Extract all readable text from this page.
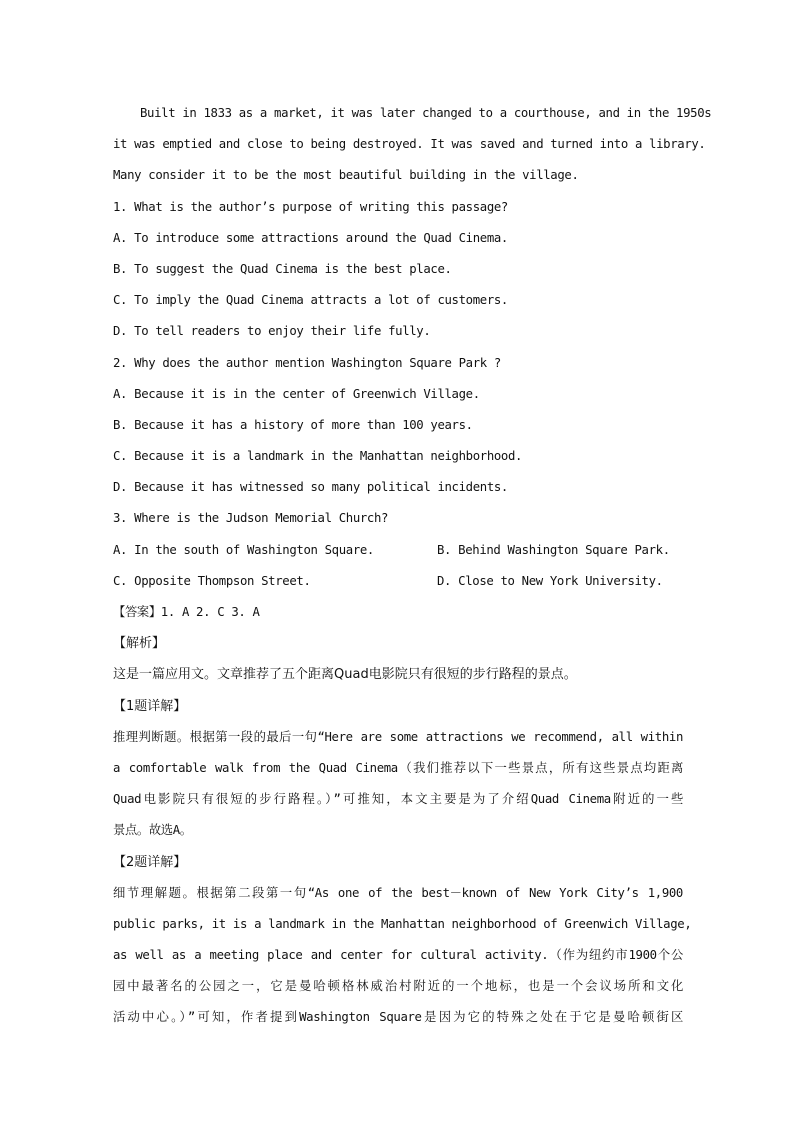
Built in 1833 as a market, it was later changed to a courthouse, and in the 1950s
it was emptied and close to being destroyed. It was saved and turned into a library.
Many consider it to be the most beautiful building in the village.
1. What is the author’s purpose of writing this passage?
A. To introduce some attractions around the Quad Cinema.
B. To suggest the Quad Cinema is the best place.
C. To imply the Quad Cinema attracts a lot of customers.
D. To tell readers to enjoy their life fully.
2. Why does the author mention Washington Square Park ?
A. Because it is in the center of Greenwich Village.
B. Because it has a history of more than 100 years.
C. Because it is a landmark in the Manhattan neighborhood.
D. Because it has witnessed so many political incidents.
3. Where is the Judson Memorial Church?
A. In the south of Washington Square.	B. Behind Washington Square Park.
C. Opposite Thompson Street.	D. Close to New York University.
【答案】1. A 2. C 3. A
【解析】
这是一篇应用文。文章推荐了五个距离Quad电影院只有很短的步行路程的景点。
【1题详解】
推理判断题。根据第一段的最后一句“Here are some attractions we recommend, all within
a comfortable walk from the Quad Cinema（我们推荐以下一些景点，所有这些景点均距离
Quad电影院只有很短的步行路程。）”可推知，本文主要是为了介绍Quad Cinema附近的一些
景点。故选A。
【2题详解】
细节理解题。根据第二段第一句“As one of the best－known of New York City’s 1,900
public parks, it is a landmark in the Manhattan neighborhood of Greenwich Village,
as well as a meeting place and center for cultural activity.（作为纽约市1900个公
园中最著名的公园之一，它是曼哈顿格林威治村附近的一个地标，也是一个会议场所和文化
活动中心。）”可知，作者提到Washington Square是因为它的特殊之处在于它是曼哈顿街区
